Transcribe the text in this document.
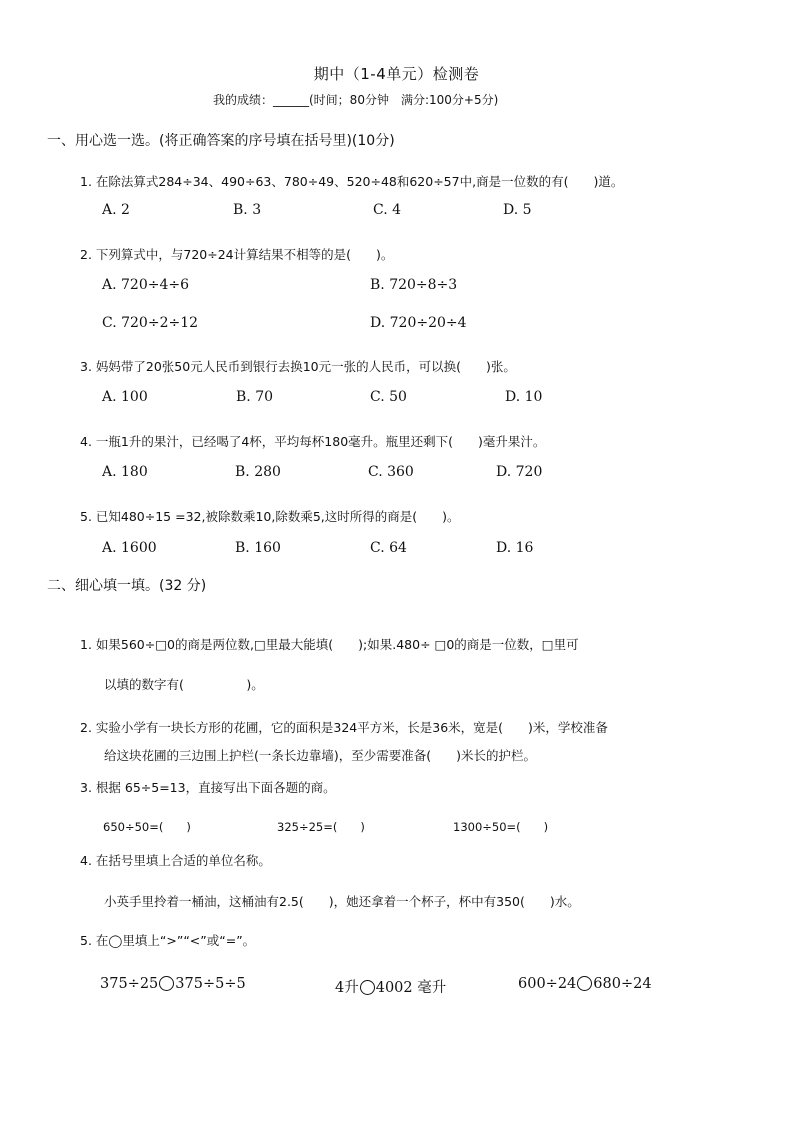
期中（1-4单元）检测卷
我的成绩：______(时间；80分钟　满分:100分+5分)
一、用心选一选。(将正确答案的序号填在括号里)(10分)
1. 在除法算式284÷34、490÷63、780÷49、520÷48和620÷57中,商是一位数的有(　　)道。
A. 2	B. 3	C. 4	D. 5
2. 下列算式中，与720÷24计算结果不相等的是(　　)。
A. 720÷4÷6	B. 720÷8÷3
C. 720÷2÷12	D. 720÷20÷4
3. 妈妈带了20张50元人民币到银行去换10元一张的人民币，可以换(　　)张。
A. 100	B. 70	C. 50	D. 10
4. 一瓶1升的果汁，已经喝了4杯，平均每杯180毫升。瓶里还剩下(　　)毫升果汁。
A. 180	B. 280	C. 360	D. 720
5. 已知480÷15 =32,被除数乘10,除数乘5,这时所得的商是(　　)。
A. 1600	B. 160	C. 64	D. 16
二、细心填一填。(32 分)
1. 如果560÷□0的商是两位数,□里最大能填(　　);如果.480÷ □0的商是一位数，□里可
以填的数字有(　　　　　)。
2. 实验小学有一块长方形的花圃，它的面积是324平方米，长是36米，宽是(　　)米，学校准备
给这块花圃的三边围上护栏(一条长边靠墙)，至少需要准备(　　)米长的护栏。
3. 根据 65÷5=13，直接写出下面各题的商。
650÷50=(　　)	325÷25=(　　)	1300÷50=(　　)
4. 在括号里填上合适的单位名称。
小英手里拎着一桶油，这桶油有2.5(　　)，她还拿着一个杯子，杯中有350(　　)水。
5. 在◯里填上“>”“<”或“=”。
375÷25 375÷5÷5	4升 4002 毫升	600÷24 680÷24
